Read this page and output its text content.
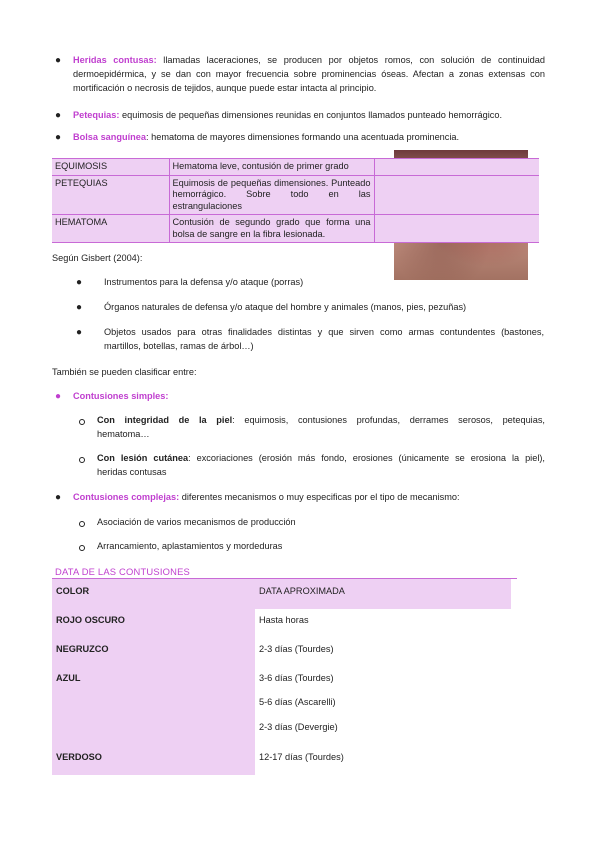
● Heridas contusas: llamadas laceraciones, se producen por objetos romos, con solución de continuidad
dermoepidérmica, y se dan con mayor frecuencia sobre prominencias óseas. Afectan a zonas extensas con
mortificación o necrosis de tejidos, aunque puede estar intacta al principio.
● Petequias: equimosis de pequeñas dimensiones reunidas en conjuntos llamados punteado hemorrágico.
● Bolsa sanguínea: hematoma de mayores dimensiones formando una acentuada prominencia.
EQUIMOSIS	Hematoma leve, contusión de primer grado	
PETEQUIAS	Equimosis de pequeñas dimensiones. Punteado hemorrágico. Sobre todo en las estrangulaciones	
HEMATOMA	Contusión de segundo grado que forma una bolsa de sangre en la fibra lesionada.	
Según Gisbert (2004):
● Instrumentos para la defensa y/o ataque (porras)
● Órganos naturales de defensa y/o ataque del hombre y animales (manos, pies, pezuñas)
● Objetos usados para otras finalidades distintas y que sirven como armas contundentes (bastones,
martillos, botellas, ramas de árbol…)
También se pueden clasificar entre:
● Contusiones simples:
Con integridad de la piel: equimosis, contusiones profundas, derrames serosos, petequias,
hematoma…
Con lesión cutánea: excoriaciones (erosión más fondo, erosiones (únicamente se erosiona la piel),
heridas contusas
● Contusiones complejas: diferentes mecanismos o muy especificas por el tipo de mecanismo:
Asociación de varios mecanismos de producción
Arrancamiento, aplastamientos y mordeduras
DATA DE LAS CONTUSIONES
COLOR	DATA APROXIMADA
ROJO OSCURO	Hasta horas
NEGRUZCO	2-3 días (Tourdes)
AZUL	3-6 días (Tourdes)
5-6 días (Ascarelli)
2-3 días (Devergie)
VERDOSO	12-17 días (Tourdes)
